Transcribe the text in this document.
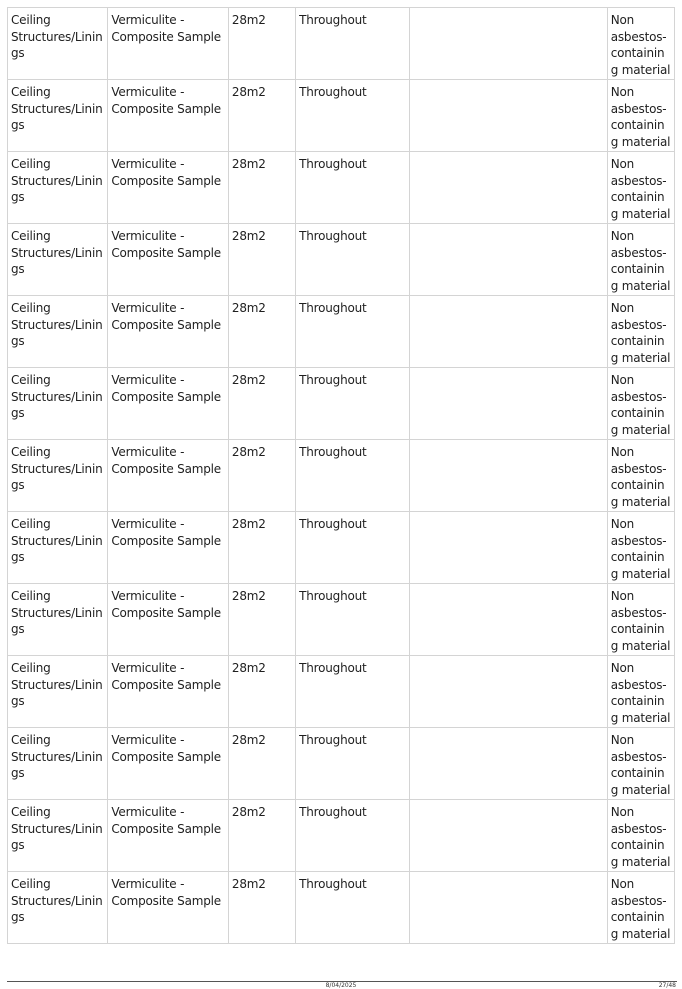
Ceiling Structures/Linings	Vermiculite - Composite Sample	28m2	Throughout		Non asbestos-containing material
Ceiling Structures/Linings	Vermiculite - Composite Sample	28m2	Throughout		Non asbestos-containing material
Ceiling Structures/Linings	Vermiculite - Composite Sample	28m2	Throughout		Non asbestos-containing material
Ceiling Structures/Linings	Vermiculite - Composite Sample	28m2	Throughout		Non asbestos-containing material
Ceiling Structures/Linings	Vermiculite - Composite Sample	28m2	Throughout		Non asbestos-containing material
Ceiling Structures/Linings	Vermiculite - Composite Sample	28m2	Throughout		Non asbestos-containing material
Ceiling Structures/Linings	Vermiculite - Composite Sample	28m2	Throughout		Non asbestos-containing material
Ceiling Structures/Linings	Vermiculite - Composite Sample	28m2	Throughout		Non asbestos-containing material
Ceiling Structures/Linings	Vermiculite - Composite Sample	28m2	Throughout		Non asbestos-containing material
Ceiling Structures/Linings	Vermiculite - Composite Sample	28m2	Throughout		Non asbestos-containing material
Ceiling Structures/Linings	Vermiculite - Composite Sample	28m2	Throughout		Non asbestos-containing material
Ceiling Structures/Linings	Vermiculite - Composite Sample	28m2	Throughout		Non asbestos-containing material
Ceiling Structures/Linings	Vermiculite - Composite Sample	28m2	Throughout		Non asbestos-containing material
8/04/2025	27/48
